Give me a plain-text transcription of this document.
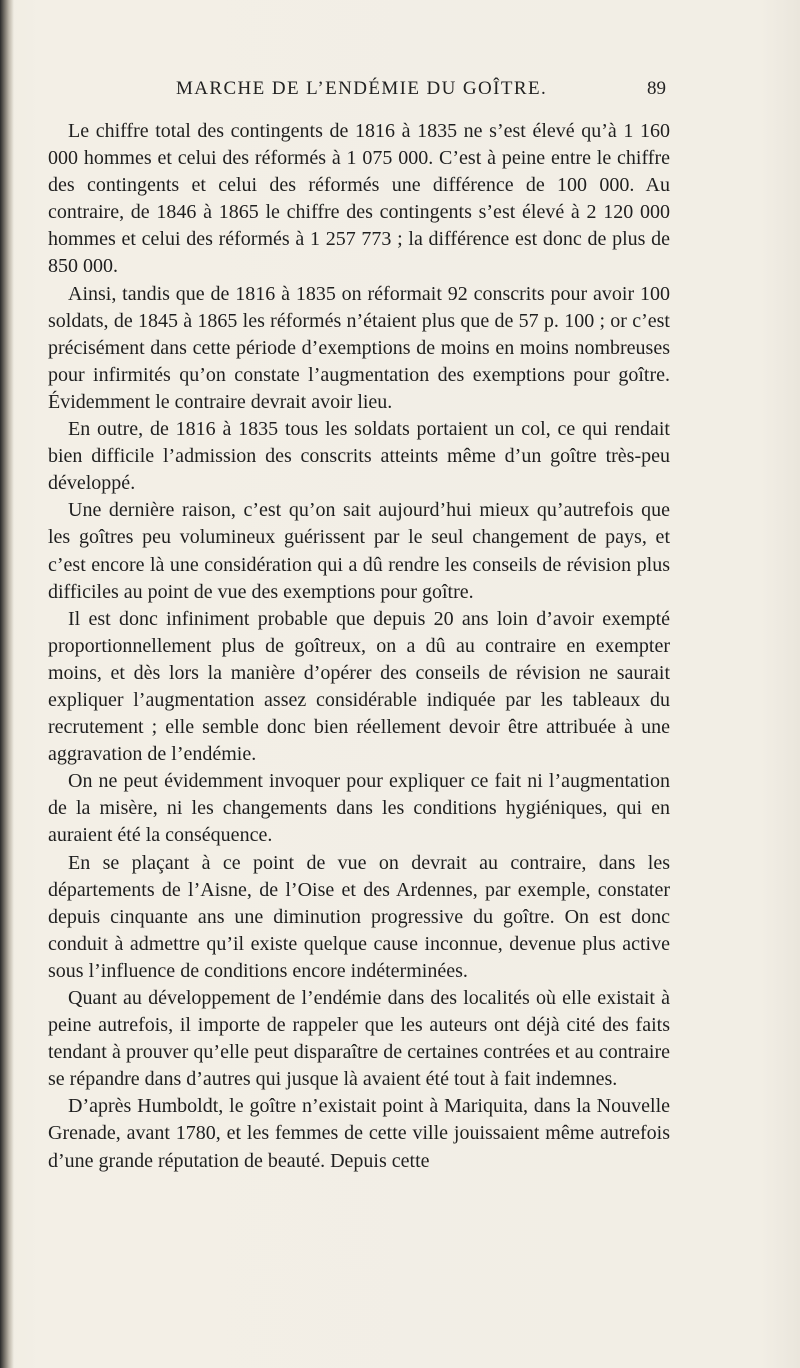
MARCHE DE L’ENDÉMIE DU GOÎTRE.	89

Le chiffre total des contingents de 1816 à 1835 ne s’est élevé qu’à 1 160 000 hommes et celui des réformés à 1 075 000. C’est à peine entre le chiffre des contingents et celui des réformés une différence de 100 000. Au contraire, de 1846 à 1865 le chiffre des contingents s’est élevé à 2 120 000 hommes et celui des réformés à 1 257 773 ; la différence est donc de plus de 850 000.

Ainsi, tandis que de 1816 à 1835 on réformait 92 conscrits pour avoir 100 soldats, de 1845 à 1865 les réformés n’étaient plus que de 57 p. 100 ; or c’est précisément dans cette période d’exemptions de moins en moins nombreuses pour infirmités qu’on constate l’augmentation des exemptions pour goître. Évidemment le contraire devrait avoir lieu.

En outre, de 1816 à 1835 tous les soldats portaient un col, ce qui rendait bien difficile l’admission des conscrits atteints même d’un goître très-peu développé.

Une dernière raison, c’est qu’on sait aujourd’hui mieux qu’autrefois que les goîtres peu volumineux guérissent par le seul changement de pays, et c’est encore là une considération qui a dû rendre les conseils de révision plus difficiles au point de vue des exemptions pour goître.

Il est donc infiniment probable que depuis 20 ans loin d’avoir exempté proportionnellement plus de goîtreux, on a dû au contraire en exempter moins, et dès lors la manière d’opérer des conseils de révision ne saurait expliquer l’augmentation assez considérable indiquée par les tableaux du recrutement ; elle semble donc bien réellement devoir être attribuée à une aggravation de l’endémie.

On ne peut évidemment invoquer pour expliquer ce fait ni l’augmentation de la misère, ni les changements dans les conditions hygiéniques, qui en auraient été la conséquence.

En se plaçant à ce point de vue on devrait au contraire, dans les départements de l’Aisne, de l’Oise et des Ardennes, par exemple, constater depuis cinquante ans une diminution progressive du goître. On est donc conduit à admettre qu’il existe quelque cause inconnue, devenue plus active sous l’influence de conditions encore indéterminées.

Quant au développement de l’endémie dans des localités où elle existait à peine autrefois, il importe de rappeler que les auteurs ont déjà cité des faits tendant à prouver qu’elle peut disparaître de certaines contrées et au contraire se répandre dans d’autres qui jusque là avaient été tout à fait indemnes.

D’après Humboldt, le goître n’existait point à Mariquita, dans la Nouvelle Grenade, avant 1780, et les femmes de cette ville jouissaient même autrefois d’une grande réputation de beauté. Depuis cette
